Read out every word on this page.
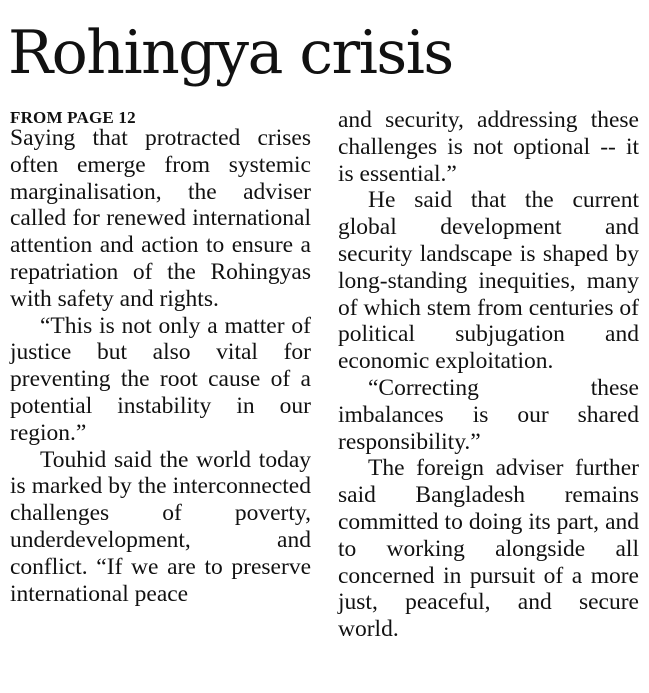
Rohingya crisis
FROM PAGE 12

Saying that protracted crises often emerge from systemic marginalisation, the adviser called for renewed international attention and action to ensure a repatriation of the Rohingyas with safety and rights.

“This is not only a matter of justice but also vital for preventing the root cause of a potential instability in our region.”

Touhid said the world today is marked by the interconnected challenges of poverty, underdevelopment, and conflict. “If we are to preserve international peace

and security, addressing these challenges is not optional -- it is essential.”

He said that the current global development and security landscape is shaped by long-standing inequities, many of which stem from centuries of political subjugation and economic exploitation.

“Correcting these imbalances is our shared responsibility.”

The foreign adviser further said Bangladesh remains committed to doing its part, and to working alongside all concerned in pursuit of a more just, peaceful, and secure world.
